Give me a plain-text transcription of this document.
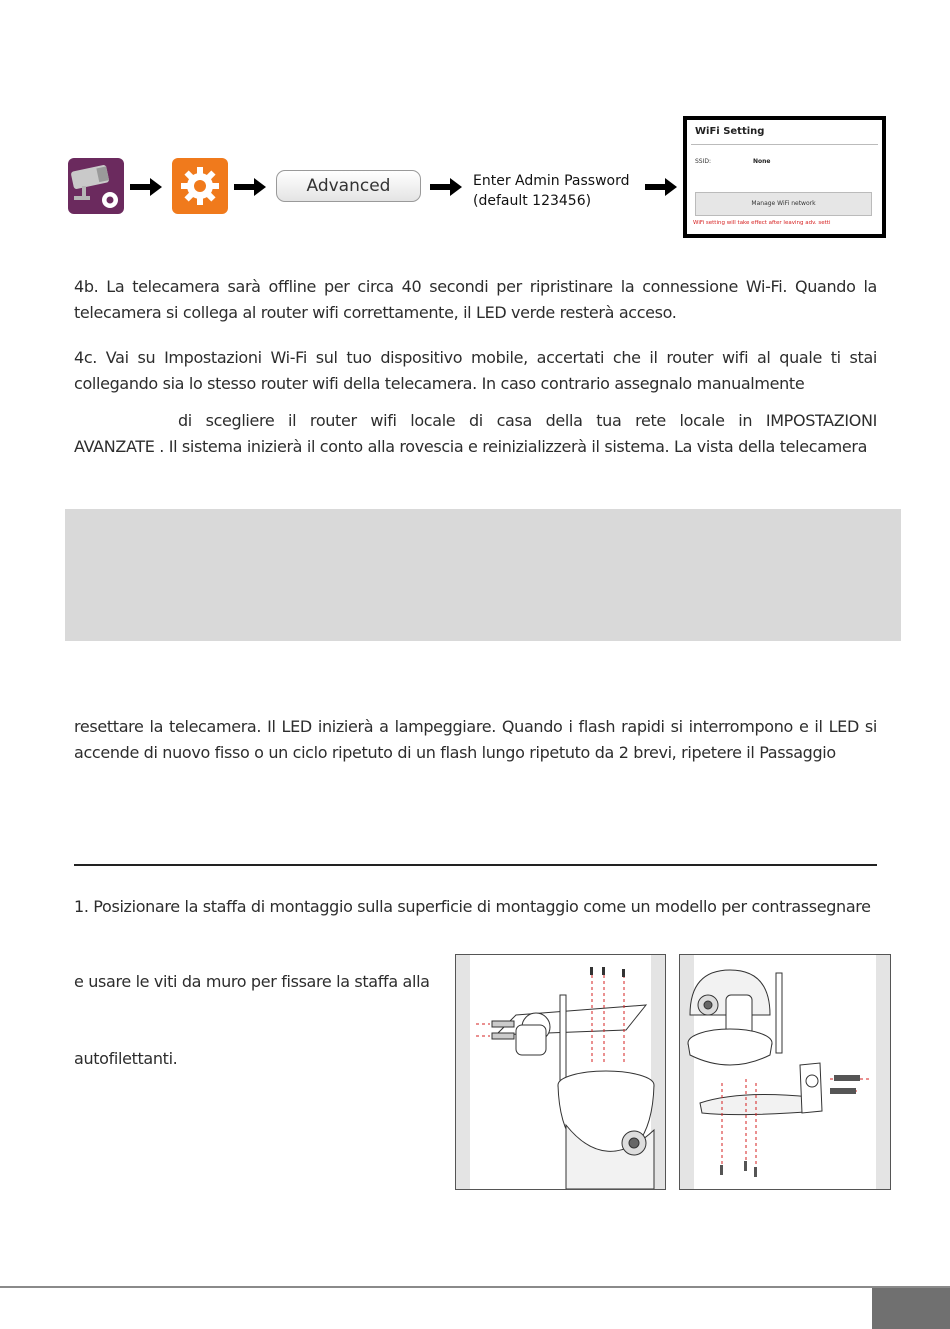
Advanced	Enter Admin Password
(default 123456)
WiFi Setting
SSID:	None
Manage WiFi network
WiFi setting will take effect after leaving adv. setti
4b. La telecamera sarà offline per circa 40 secondi per ripristinare la connessione Wi-Fi. Quando la telecamera si collega al router wifi correttamente, il LED verde resterà acceso.
4c. Vai su Impostazioni Wi-Fi sul tuo dispositivo mobile, accertati che il router wifi al quale ti stai collegando sia lo stesso router wifi della telecamera. In caso contrario assegnalo manualmente
di scegliere il router wifi locale di casa della tua rete locale in IMPOSTAZIONI
AVANZATE . Il sistema inizierà il conto alla rovescia e reinizializzerà il sistema. La vista della telecamera
resettare la telecamera. Il LED inizierà a lampeggiare. Quando i flash rapidi si interrompono e il LED si accende di nuovo fisso o un ciclo ripetuto di un flash lungo ripetuto da 2 brevi, ripetere il Passaggio
1. Posizionare la staffa di montaggio sulla superficie di montaggio come un modello per contrassegnare
e usare le viti da muro per fissare la staffa alla
autofilettanti.
